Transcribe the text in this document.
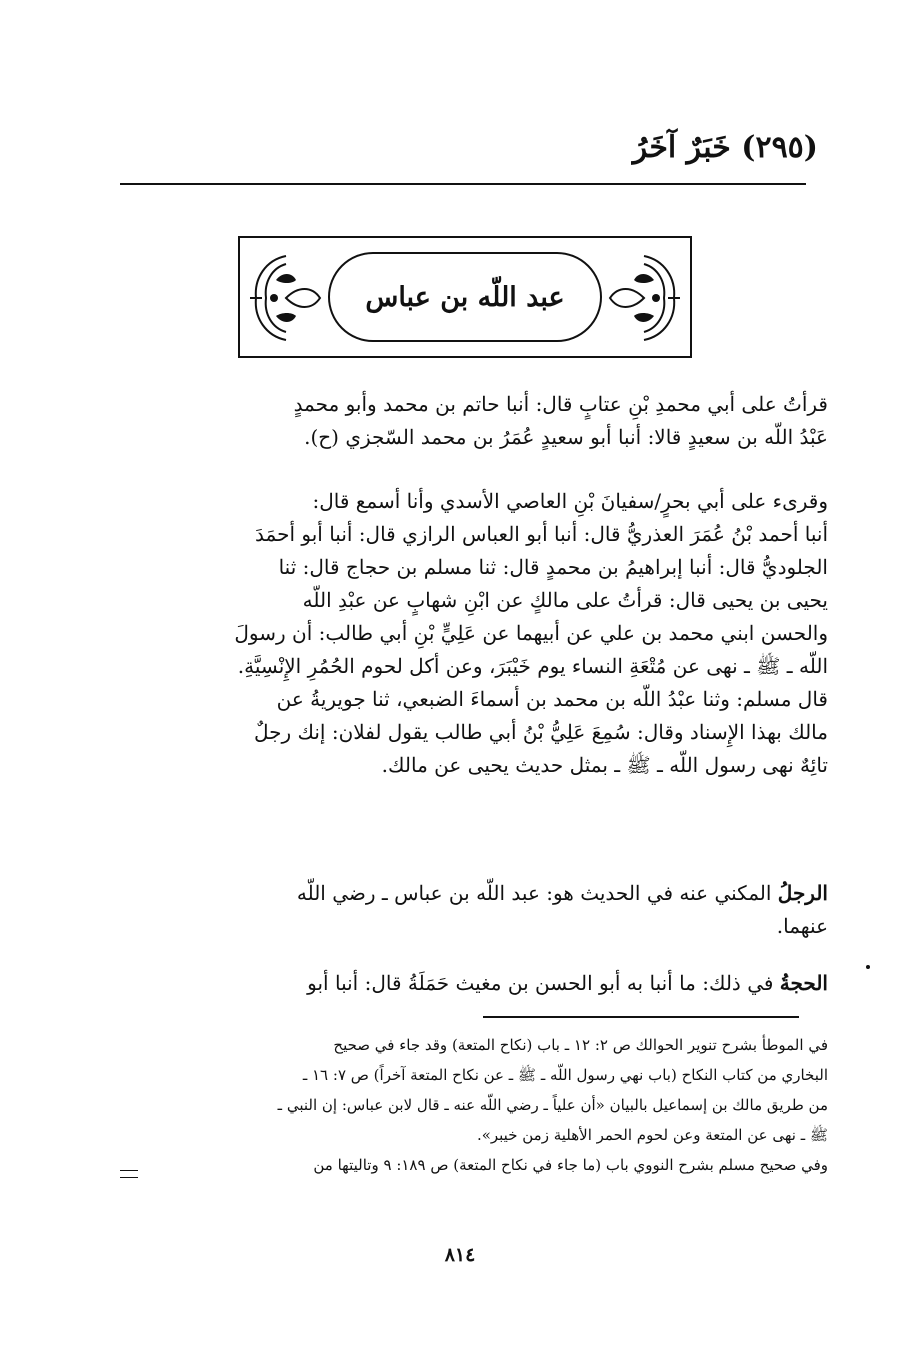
(٢٩٥) خَبَرٌ آخَرُ
عبد اللّه بن عباس
قرأتُ على أبي محمدِ بْنِ عتابٍ قال: أنبا حاتم بن محمد وأبو محمدٍ
عَبْدُ اللّه بن سعيدٍ قالا: أنبا أبو سعيدٍ عُمَرُ بن محمد السّجزي (ح).
وقرىء على أبي بحرٍ/سفيانَ بْنِ العاصي الأسدي وأنا أسمع قال:
أنبا أحمد بْنُ عُمَرَ العذريُّ قال: أنبا أبو العباس الرازي قال: أنبا أبو أحمَدَ
الجلوديُّ قال: أنبا إبراهيمُ بن محمدٍ قال: ثنا مسلم بن حجاج قال: ثنا
يحيى بن يحيى قال: قرأتُ على مالكٍ عن ابْنِ شهابٍ عن عبْدِ اللّه
والحسن ابني محمد بن علي عن أبيهما عن عَلِيٍّ بْنِ أبي طالب: أن رسولَ
اللّه ـ ﷺ ـ نهى عن مُتْعَةِ النساء يوم خَيْبَرَ، وعن أكل لحوم الحُمُرِ الإِنْسِيَّةِ.
قال مسلم: وثنا عبْدُ اللّه بن محمد بن أسماءَ الضبعي، ثنا جويريةُ عن
مالك بهذا الإِسناد وقال: سُمِعَ عَلِيُّ بْنُ أبي طالب يقول لفلان: إنك رجلٌ
تائِهٌ نهى رسول اللّه ـ ﷺ ـ بمثل حديث يحيى عن مالك.
الرجلُ المكني عنه في الحديث هو: عبد اللّه بن عباس ـ رضي اللّه
عنهما.
الحجةُ في ذلك: ما أنبا به أبو الحسن بن مغيث حَمَلَةُ قال: أنبا أبو
في الموطأ بشرح تنوير الحوالك ص ٢: ١٢ ـ باب (نكاح المتعة) وقد جاء في صحيح
البخاري من كتاب النكاح (باب نهي رسول اللّه ـ ﷺ ـ عن نكاح المتعة آخراً) ص ٧: ١٦ ـ
من طريق مالك بن إسماعيل بالبيان «أن علياً ـ رضي اللّه عنه ـ قال لابن عباس: إن النبي ـ
ﷺ ـ نهى عن المتعة وعن لحوم الحمر الأهلية زمن خيبر».
وفي صحيح مسلم بشرح النووي باب (ما جاء في نكاح المتعة) ص ١٨٩: ٩ وتاليتها من
٨١٤
